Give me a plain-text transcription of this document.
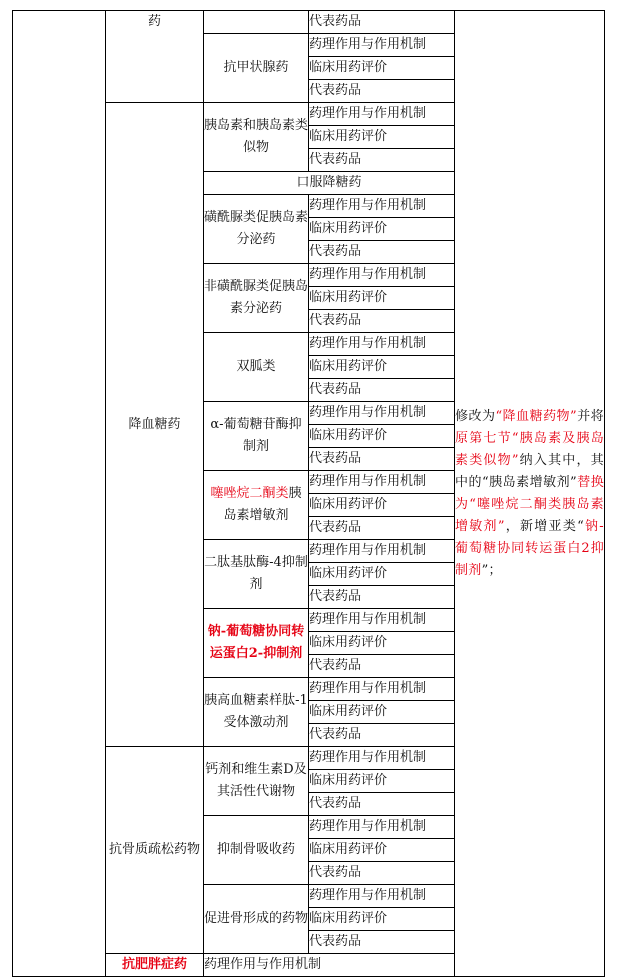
	药		代表药品	修改为“降血糖药物”并将原第七节“胰岛素及胰岛素类似物”纳入其中，其中的“胰岛素增敏剂”替换为“噻唑烷二酮类胰岛素增敏剂”，新增亚类“钠-葡萄糖协同转运蛋白2抑制剂”；
		抗甲状腺药	药理作用与作用机制	
			临床用药评价	
			代表药品	
	降血糖药	胰岛素和胰岛素类似物	药理作用与作用机制	
			临床用药评价	
			代表药品	
		口服降糖药		
		磺酰脲类促胰岛素分泌药	药理作用与作用机制	
			临床用药评价	
			代表药品	
		非磺酰脲类促胰岛素分泌药	药理作用与作用机制	
			临床用药评价	
			代表药品	
		双胍类	药理作用与作用机制	
			临床用药评价	
			代表药品	
		α-葡萄糖苷酶抑制剂	药理作用与作用机制	
			临床用药评价	
			代表药品	
		噻唑烷二酮类胰岛素增敏剂	药理作用与作用机制	
			临床用药评价	
			代表药品	
		二肽基肽酶-4抑制剂	药理作用与作用机制	
			临床用药评价	
			代表药品	
		钠-葡萄糖协同转运蛋白2-抑制剂	药理作用与作用机制	
			临床用药评价	
			代表药品	
		胰高血糖素样肽-1受体激动剂	药理作用与作用机制	
			临床用药评价	
			代表药品	
	抗骨质疏松药物	钙剂和维生素D及其活性代谢物	药理作用与作用机制	
			临床用药评价	
			代表药品	
		抑制骨吸收药	药理作用与作用机制	
			临床用药评价	
			代表药品	
		促进骨形成的药物	药理作用与作用机制	
			临床用药评价	
			代表药品	
	抗肥胖症药	药理作用与作用机制		
